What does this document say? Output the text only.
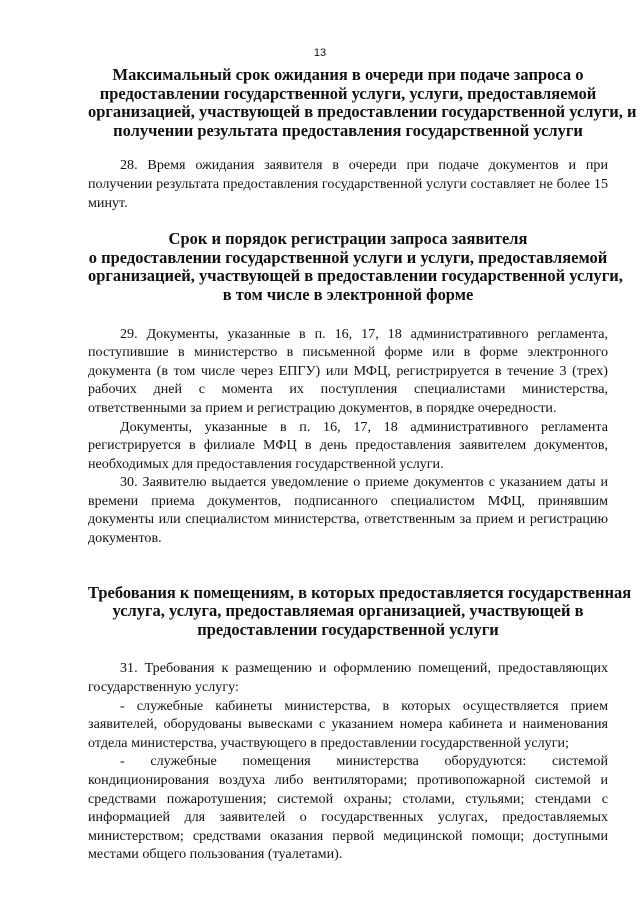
13
Максимальный срок ожидания в очереди при подаче запроса о
предоставлении государственной услуги, услуги, предоставляемой
организацией, участвующей в предоставлении государственной услуги, и
получении результата предоставления государственной услуги

28. Время ожидания заявителя в очереди при подаче документов и при получении результата предоставления государственной услуги составляет не более 15 минут.

Срок и порядок регистрации запроса заявителя
о предоставлении государственной услуги и услуги, предоставляемой
организацией, участвующей в предоставлении государственной услуги,
в том числе в электронной форме

29. Документы, указанные в п. 16, 17, 18 административного регламента, поступившие в министерство в письменной форме или в форме электронного документа (в том числе через ЕПГУ) или МФЦ, регистрируется в течение 3 (трех) рабочих дней с момента их поступления специалистами министерства, ответственными за прием и регистрацию документов, в порядке очередности.

Документы, указанные в п. 16, 17, 18 административного регламента регистрируется в филиале МФЦ в день предоставления заявителем документов, необходимых для предоставления государственной услуги.

30. Заявителю выдается уведомление о приеме документов с указанием даты и времени приема документов, подписанного специалистом МФЦ, принявшим документы или специалистом министерства, ответственным за прием и регистрацию документов.

Требования к помещениям, в которых предоставляется государственная
услуга, услуга, предоставляемая организацией, участвующей в
предоставлении государственной услуги

31. Требования к размещению и оформлению помещений, предоставляющих государственную услугу:

- служебные кабинеты министерства, в которых осуществляется прием заявителей, оборудованы вывесками с указанием номера кабинета и наименования отдела министерства, участвующего в предоставлении государственной услуги;

- служебные помещения министерства оборудуются: системой кондиционирования воздуха либо вентиляторами; противопожарной системой и средствами пожаротушения; системой охраны; столами, стульями; стендами с информацией для заявителей о государственных услугах, предоставляемых министерством; средствами оказания первой медицинской помощи; доступными местами общего пользования (туалетами).
